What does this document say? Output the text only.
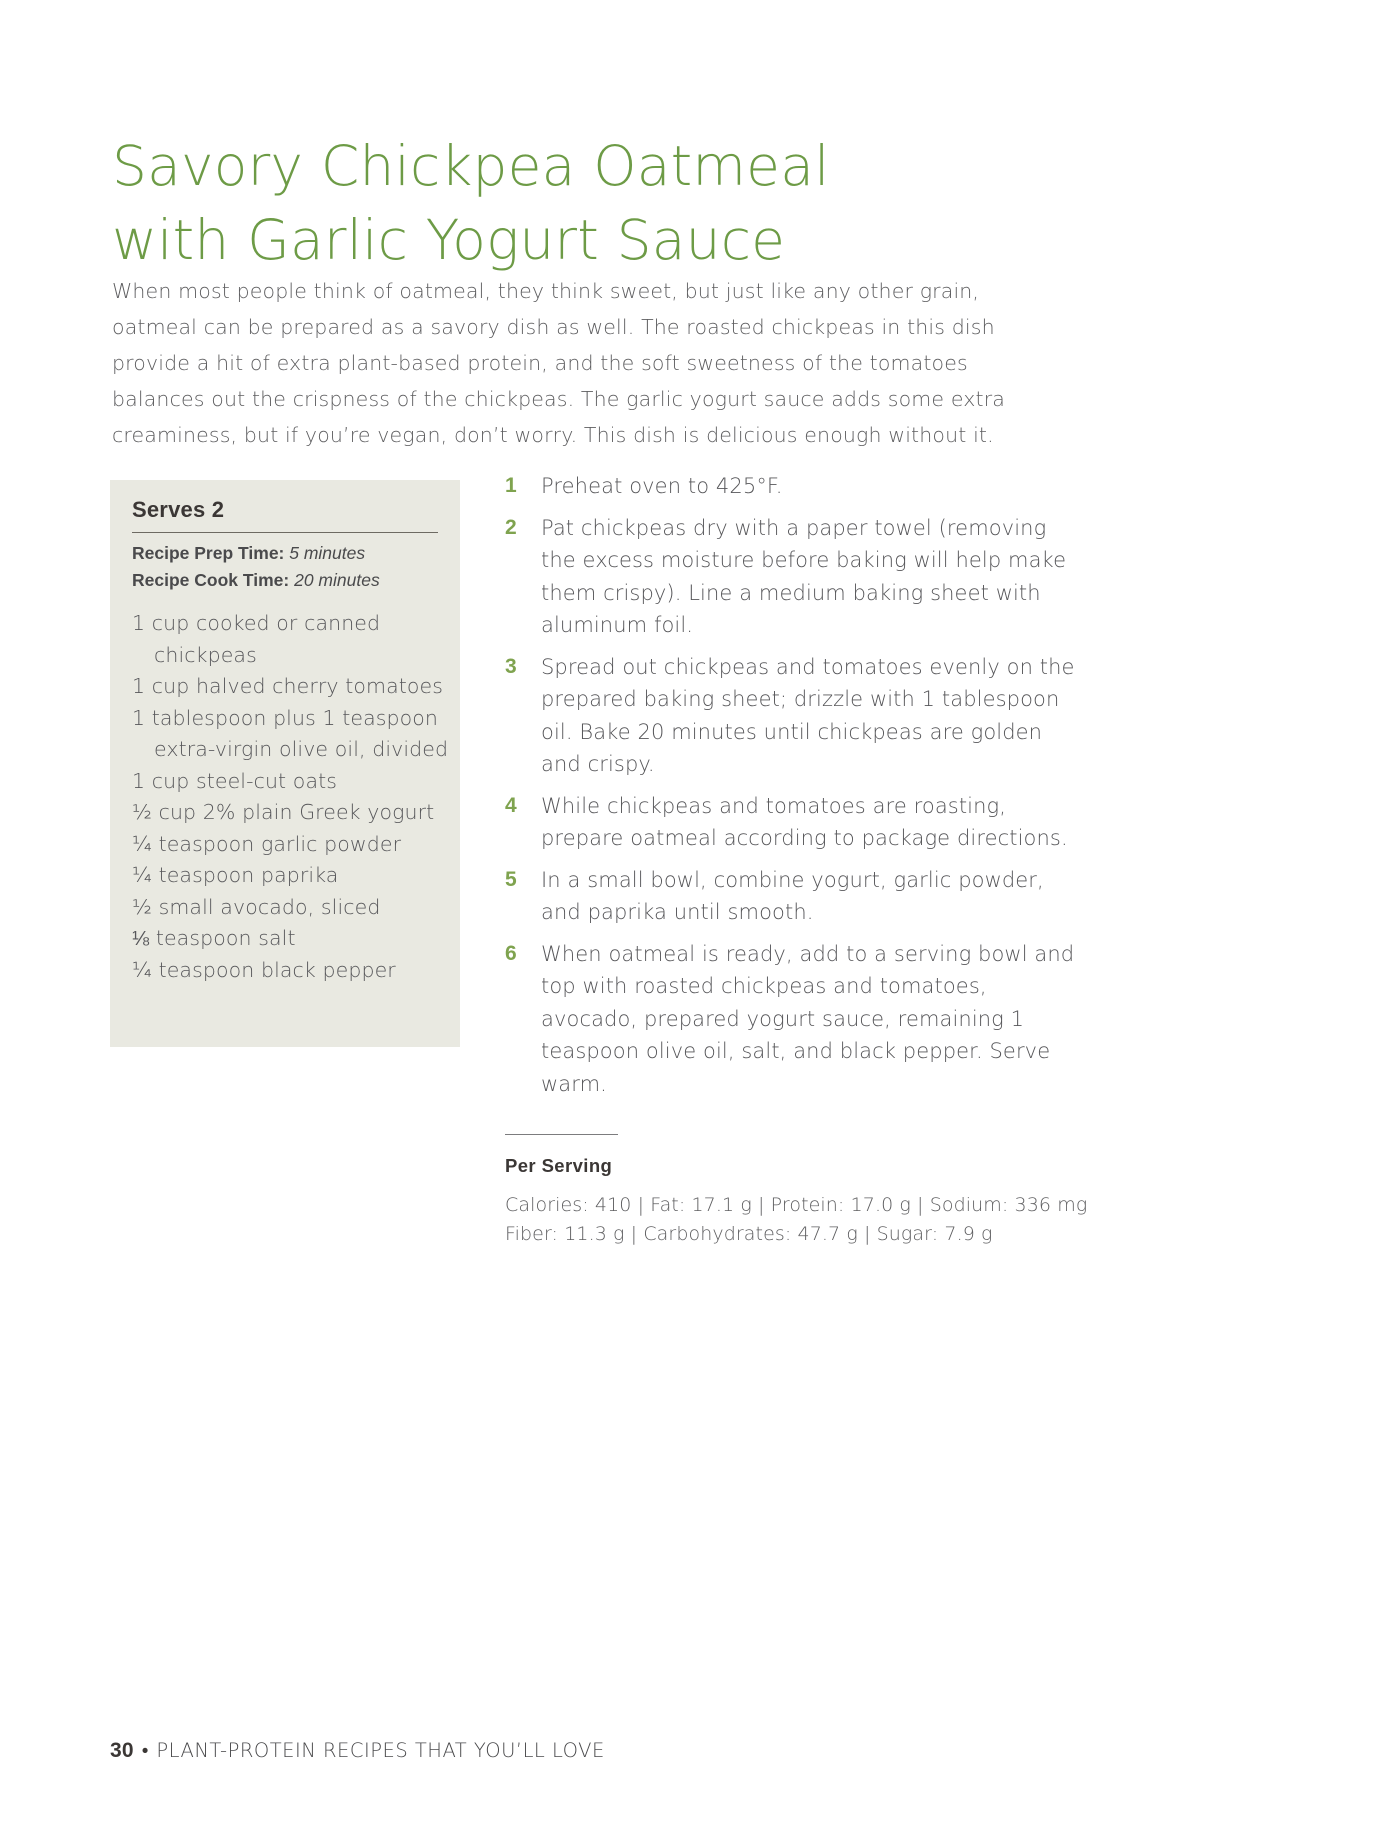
Savory Chickpea Oatmeal
with Garlic Yogurt Sauce

When most people think of oatmeal, they think sweet, but just like any other grain, oatmeal can be prepared as a savory dish as well. The roasted chickpeas in this dish provide a hit of extra plant-based protein, and the soft sweetness of the tomatoes balances out the crispness of the chickpeas. The garlic yogurt sauce adds some extra creaminess, but if you’re vegan, don’t worry. This dish is delicious enough without it.

Serves 2
Recipe Prep Time: 5 minutes
Recipe Cook Time: 20 minutes
1 cup cooked or canned chickpeas
1 cup halved cherry tomatoes
1 tablespoon plus 1 teaspoon extra-virgin olive oil, divided
1 cup steel-cut oats
½ cup 2% plain Greek yogurt
¼ teaspoon garlic powder
¼ teaspoon paprika
½ small avocado, sliced
⅛ teaspoon salt
¼ teaspoon black pepper
1	Preheat oven to 425°F.
2	Pat chickpeas dry with a paper towel (removing the excess moisture before baking will help make them crispy). Line a medium baking sheet with aluminum foil.
3	Spread out chickpeas and tomatoes evenly on the prepared baking sheet; drizzle with 1 tablespoon oil. Bake 20 minutes until chickpeas are golden and crispy.
4	While chickpeas and tomatoes are roasting, prepare oatmeal according to package directions.
5	In a small bowl, combine yogurt, garlic powder, and paprika until smooth.
6	When oatmeal is ready, add to a serving bowl and top with roasted chickpeas and tomatoes, avocado, prepared yogurt sauce, remaining 1 teaspoon olive oil, salt, and black pepper. Serve warm.
Per Serving
Calories: 410 | Fat: 17.1 g | Protein: 17.0 g | Sodium: 336 mg
Fiber: 11.3 g | Carbohydrates: 47.7 g | Sugar: 7.9 g
30 • PLANT-PROTEIN RECIPES THAT YOU’LL LOVE
